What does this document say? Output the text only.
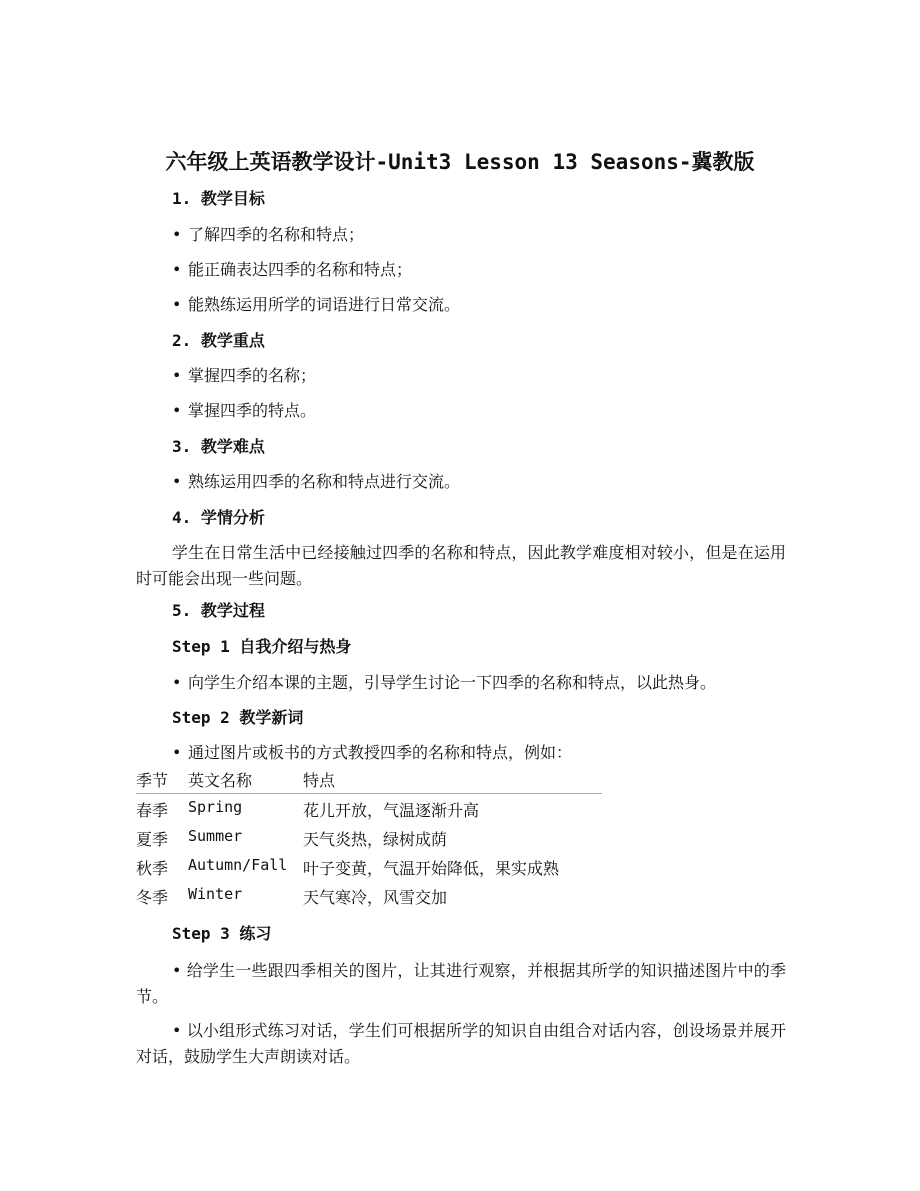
六年级上英语教学设计-Unit3 Lesson 13 Seasons-冀教版
1. 教学目标
• 了解四季的名称和特点；
• 能正确表达四季的名称和特点；
• 能熟练运用所学的词语进行日常交流。
2. 教学重点
• 掌握四季的名称；
• 掌握四季的特点。
3. 教学难点
• 熟练运用四季的名称和特点进行交流。
4. 学情分析
学生在日常生活中已经接触过四季的名称和特点，因此教学难度相对较小，但是在运用时可能会出现一些问题。
5. 教学过程
Step 1 自我介绍与热身
• 向学生介绍本课的主题，引导学生讨论一下四季的名称和特点，以此热身。
Step 2 教学新词
• 通过图片或板书的方式教授四季的名称和特点，例如：
季节 英文名称	特点
春季 Spring	花儿开放，气温逐渐升高
夏季 Summer	天气炎热，绿树成荫
秋季 Autumn/Fall 叶子变黄，气温开始降低，果实成熟
冬季 Winter	天气寒冷，风雪交加
Step 3 练习
• 给学生一些跟四季相关的图片，让其进行观察，并根据其所学的知识描述图片中的季节。
• 以小组形式练习对话，学生们可根据所学的知识自由组合对话内容，创设场景并展开对话，鼓励学生大声朗读对话。
